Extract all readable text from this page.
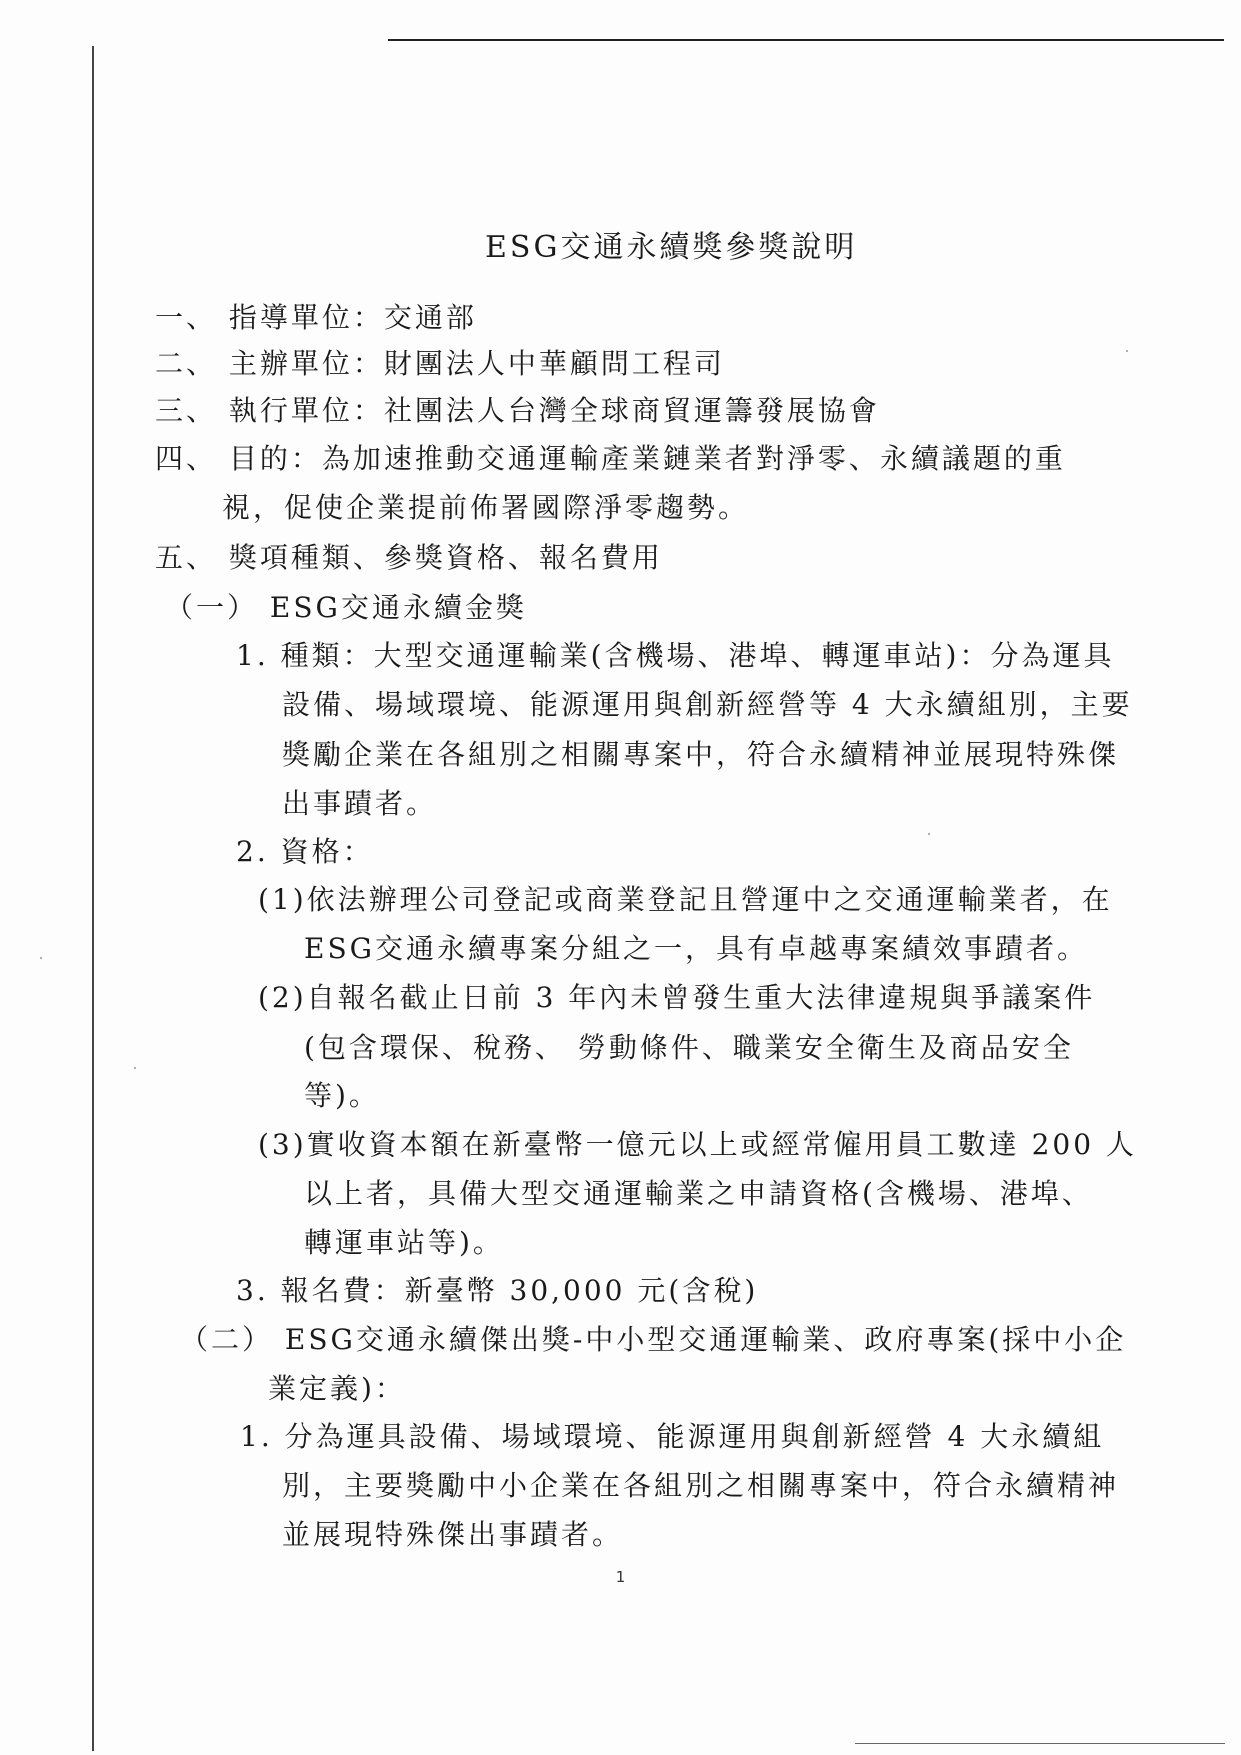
ESG交通永續獎參獎說明
一、 指導單位：交通部
二、 主辦單位：財團法人中華顧問工程司
三、 執行單位：社團法人台灣全球商貿運籌發展協會
四、 目的：為加速推動交通運輸產業鏈業者對淨零、永續議題的重
視，促使企業提前佈署國際淨零趨勢。
五、 獎項種類、參獎資格、報名費用
（一） ESG交通永續金獎
1. 種類：大型交通運輸業(含機場、港埠、轉運車站)：分為運具
設備、場域環境、能源運用與創新經營等 4 大永續組別，主要
獎勵企業在各組別之相關專案中，符合永續精神並展現特殊傑
出事蹟者。
2. 資格：
(1)依法辦理公司登記或商業登記且營運中之交通運輸業者，在
ESG交通永續專案分組之一，具有卓越專案績效事蹟者。
(2)自報名截止日前 3 年內未曾發生重大法律違規與爭議案件
(包含環保、稅務、 勞動條件、職業安全衛生及商品安全
等)。
(3)實收資本額在新臺幣一億元以上或經常僱用員工數達 200 人
以上者，具備大型交通運輸業之申請資格(含機場、港埠、
轉運車站等)。
3. 報名費：新臺幣 30,000 元(含稅)
（二） ESG交通永續傑出獎-中小型交通運輸業、政府專案(採中小企
業定義)：
1. 分為運具設備、場域環境、能源運用與創新經營 4 大永續組
別，主要獎勵中小企業在各組別之相關專案中，符合永續精神
並展現特殊傑出事蹟者。
1
